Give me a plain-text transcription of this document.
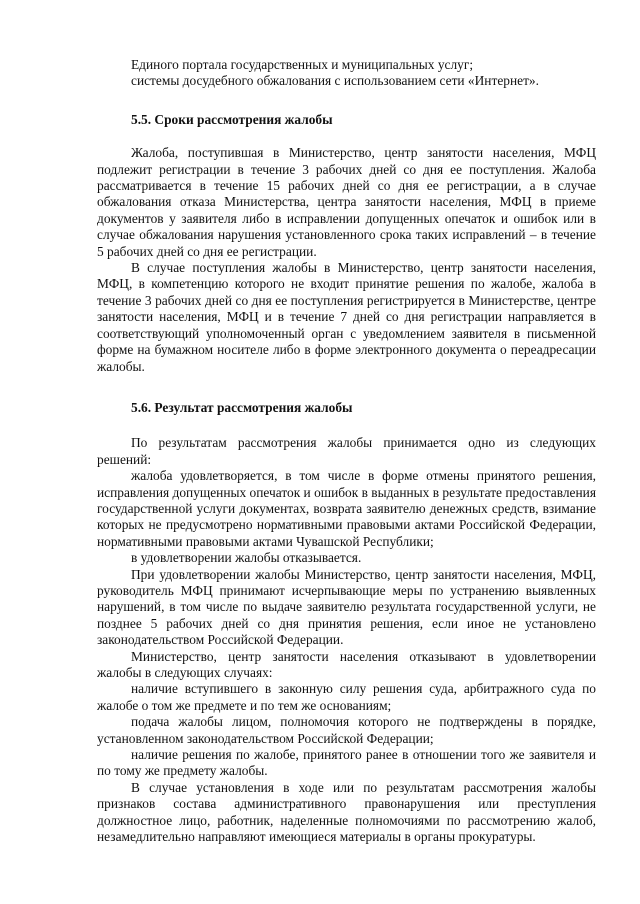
Единого портала государственных и муниципальных услуг;

системы досудебного обжалования с использованием сети «Интернет».

5.5. Сроки рассмотрения жалобы

Жалоба, поступившая в Министерство, центр занятости населения, МФЦ подлежит регистрации в течение 3 рабочих дней со дня ее поступления. Жалоба рассматривается в течение 15 рабочих дней со дня ее регистрации, а в случае обжалования отказа Министерства, центра занятости населения, МФЦ в приеме документов у заявителя либо в исправлении допущенных опечаток и ошибок или в случае обжалования нарушения установленного срока таких исправлений – в течение 5 рабочих дней со дня ее регистрации.

В случае поступления жалобы в Министерство, центр занятости населения, МФЦ, в компетенцию которого не входит принятие решения по жалобе, жалоба в течение 3 рабочих дней со дня ее поступления регистрируется в Министерстве, центре занятости населения, МФЦ и в течение 7 дней со дня регистрации направляется в соответствующий уполномоченный орган с уведомлением заявителя в письменной форме на бумажном носителе либо в форме электронного документа о переадресации жалобы.

5.6. Результат рассмотрения жалобы

По результатам рассмотрения жалобы принимается одно из следующих решений:

жалоба удовлетворяется, в том числе в форме отмены принятого решения, исправления допущенных опечаток и ошибок в выданных в результате предоставления государственной услуги документах, возврата заявителю денежных средств, взимание которых не предусмотрено нормативными правовыми актами Российской Федерации, нормативными правовыми актами Чувашской Республики;

в удовлетворении жалобы отказывается.

При удовлетворении жалобы Министерство, центр занятости населения, МФЦ, руководитель МФЦ принимают исчерпывающие меры по устранению выявленных нарушений, в том числе по выдаче заявителю результата государственной услуги, не позднее 5 рабочих дней со дня принятия решения, если иное не установлено законодательством Российской Федерации.

Министерство, центр занятости населения отказывают в удовлетворении жалобы в следующих случаях:

наличие вступившего в законную силу решения суда, арбитражного суда по жалобе о том же предмете и по тем же основаниям;

подача жалобы лицом, полномочия которого не подтверждены в порядке, установленном законодательством Российской Федерации;

наличие решения по жалобе, принятого ранее в отношении того же заявителя и по тому же предмету жалобы.

В случае установления в ходе или по результатам рассмотрения жалобы признаков состава административного правонарушения или преступления должностное лицо, работник, наделенные полномочиями по рассмотрению жалоб, незамедлительно направляют имеющиеся материалы в органы прокуратуры.
